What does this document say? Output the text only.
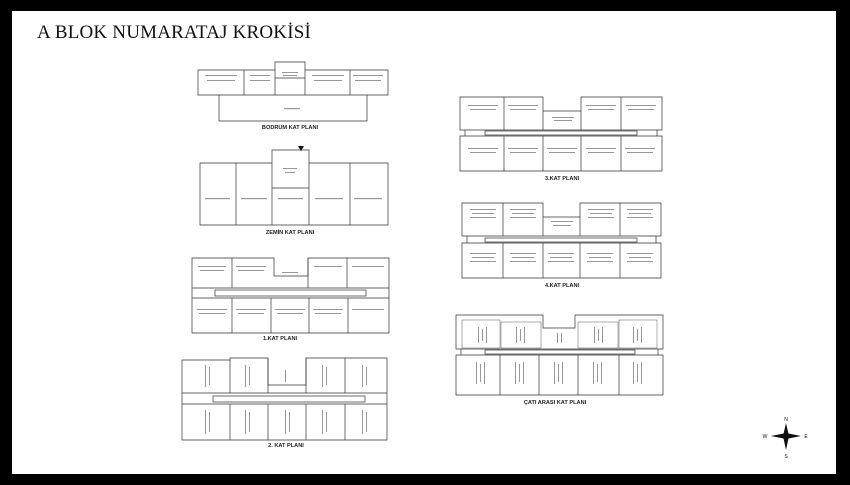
A BLOK NUMARATAJ KROKİSİ
BODRUM KAT PLANI
ZEMİN KAT PLANI
1.KAT PLANI
2. KAT PLANI
3.KAT PLANI
4.KAT PLANI
ÇATI ARASI KAT PLANI
N
S
E
W
